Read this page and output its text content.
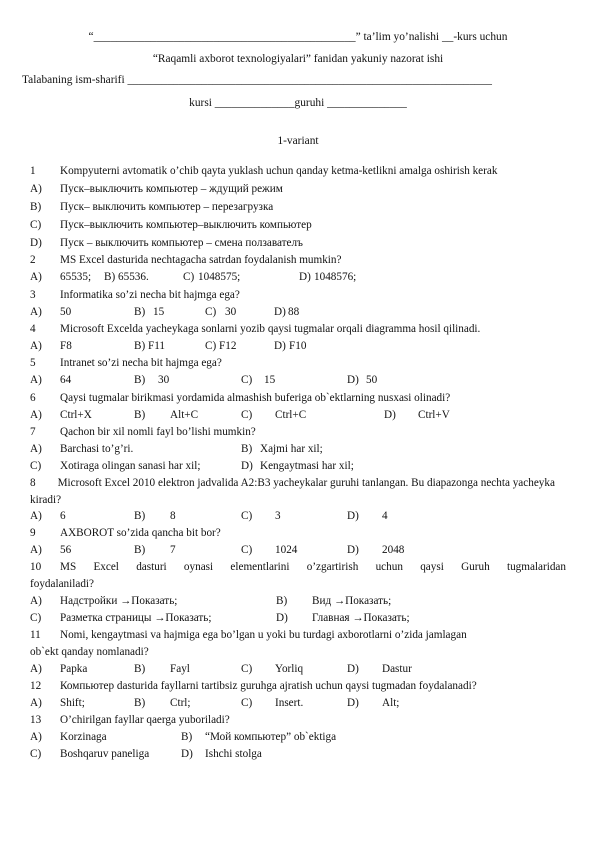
“______________________________________________” ta’lim yo’nalishi __-kurs uchun
“Raqamli axborot texnologiyalari” fanidan yakuniy nazorat ishi
Talabaning ism-sharifi ________________________________________________________________
kursi ______________guruhi ______________
1-variant
1 Kompyuterni avtomatik o’chib qayta yuklash uchun qanday ketma-ketlikni amalga oshirish kerak
A) Пуск–выключить компьютер – ждущий режим
B) Пуск– выключить компьютер – перезагрузка
C) Пуск–выключить компьютер–выключить компьютер
D) Пуск – выключить компьютер – смена ползавателъ
2 MS Excel dasturida nechtagacha satrdan foydalanish mumkin?
A) 65535; B) 65536.	C) 1048575;	D) 1048576;
3 Informatika so’zi necha bit hajmga ega?
A) 50	B) 15	C) 30	D) 88
4 Microsoft Excelda yacheykaga sonlarni yozib qaysi tugmalar orqali diagramma hosil qilinadi.
A) F8	B) F11	C) F12	D) F10
5 Intranet so’zi necha bit hajmga ega?
A) 64	B) 30	C) 15	D) 50
6 Qaysi tugmalar birikmasi yordamida almashish buferiga ob`ektlarning nusxasi olinadi?
A) Ctrl+X	B) Alt+C	C) Ctrl+C	D) Ctrl+V
7 Qachon bir xil nomli fayl bo’lishi mumkin?
A) Barchasi to’g’ri.	B) Xajmi har xil;
C) Xotiraga olingan sanasi har xil;	D) Kengaytmasi har xil;
8 Microsoft Excel 2010 elektron jadvalida A2:B3 yacheykalar guruhi tanlangan. Bu diapazonga nechta yacheyka kiradi?
A) 6	B) 8	C) 3	D) 4
9 AXBOROT so’zida qancha bit bor?
A) 56	B) 7	C) 1024	D) 2048
10	MS Excel dasturi oynasi elementlarini o’zgartirish uchun qaysi Guruh tugmalaridan
foydalaniladi?
A) Надстройки →Показать;	B) Вид →Показать;
C) Разметка страницы →Показать;	D) Главная →Показать;
11 Nomi, kengaytmasi va hajmiga ega bo’lgan u yoki bu turdagi axborotlarni o’zida jamlagan
ob`ekt qanday nomlanadi?
A) Papka	B) Fayl	C) Yorliq	D) Dastur
12 Компьютер dasturida fayllarni tartibsiz guruhga ajratish uchun qaysi tugmadan foydalanadi?
A) Shift;	B) Ctrl;	C) Insert.	D) Alt;
13 O’chirilgan fayllar qaerga yuboriladi?
A) Korzinaga	B) “Мой компьютер” ob`ektiga
C) Boshqaruv paneliga	D) Ishchi stolga
